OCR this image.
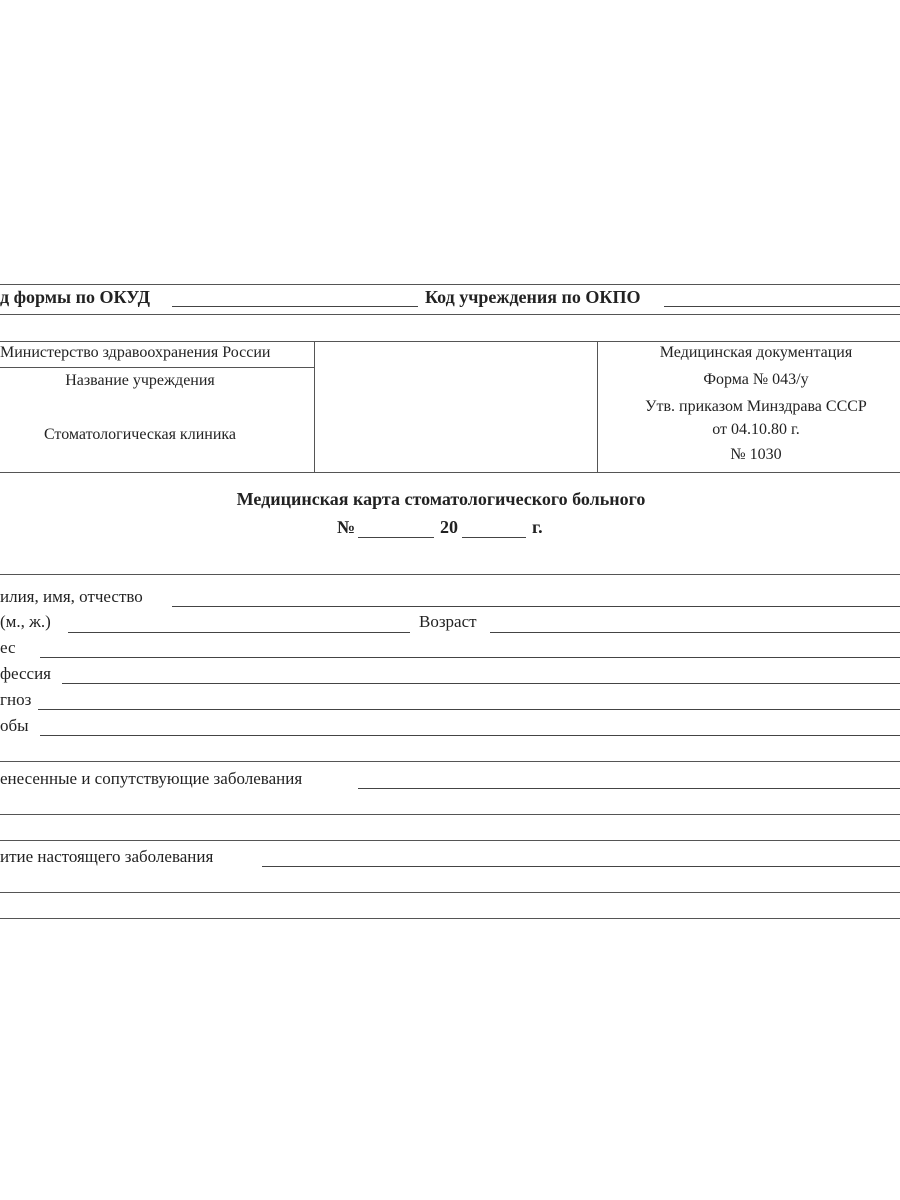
д формы по ОКУД	Код учреждения по ОКПО
Министерство здравоохранения России
Название учреждения
Стоматологическая клиника
Медицинская документация
Форма № 043/у
Утв. приказом Минздрава СССР
от 04.10.80 г.
№ 1030
Медицинская карта стоматологического больного
№	20	г.
илия, имя, отчество
(м., ж.)	Возраст
ес
фессия
гноз
обы
енесенные и сопутствующие заболевания
итие настоящего заболевания
